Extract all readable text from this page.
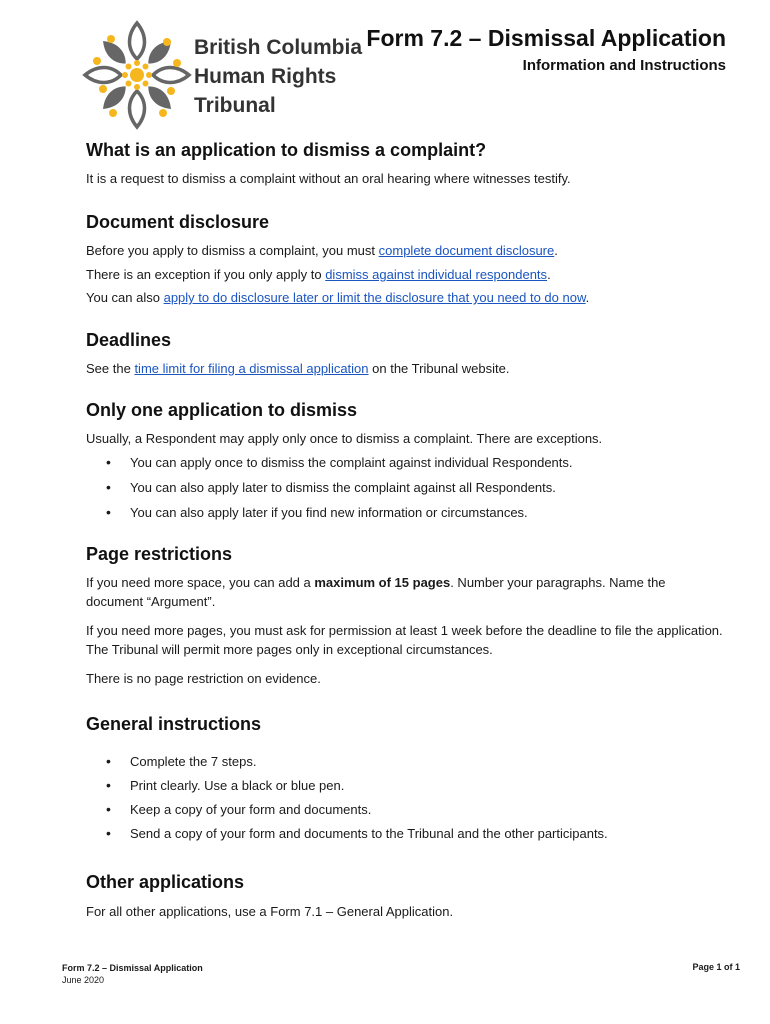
British Columbia
Human Rights
Tribunal
Form 7.2 – Dismissal Application
Information and Instructions
What is an application to dismiss a complaint?

It is a request to dismiss a complaint without an oral hearing where witnesses testify.

Document disclosure

Before you apply to dismiss a complaint, you must complete document disclosure.

There is an exception if you only apply to dismiss against individual respondents.

You can also apply to do disclosure later or limit the disclosure that you need to do now.

Deadlines

See the time limit for filing a dismissal application on the Tribunal website.

Only one application to dismiss

Usually, a Respondent may apply only once to dismiss a complaint. There are exceptions.

• You can apply once to dismiss the complaint against individual Respondents.
• You can also apply later to dismiss the complaint against all Respondents.
• You can also apply later if you find new information or circumstances.
Page restrictions

If you need more space, you can add a maximum of 15 pages. Number your paragraphs. Name the document “Argument”.

If you need more pages, you must ask for permission at least 1 week before the deadline to file the application. The Tribunal will permit more pages only in exceptional circumstances.

There is no page restriction on evidence.

General instructions
• Complete the 7 steps.
• Print clearly. Use a black or blue pen.
• Keep a copy of your form and documents.
• Send a copy of your form and documents to the Tribunal and the other participants.
Other applications

For all other applications, use a Form 7.1 – General Application.

Form 7.2 – Dismissal Application
June 2020
Page 1 of 1
